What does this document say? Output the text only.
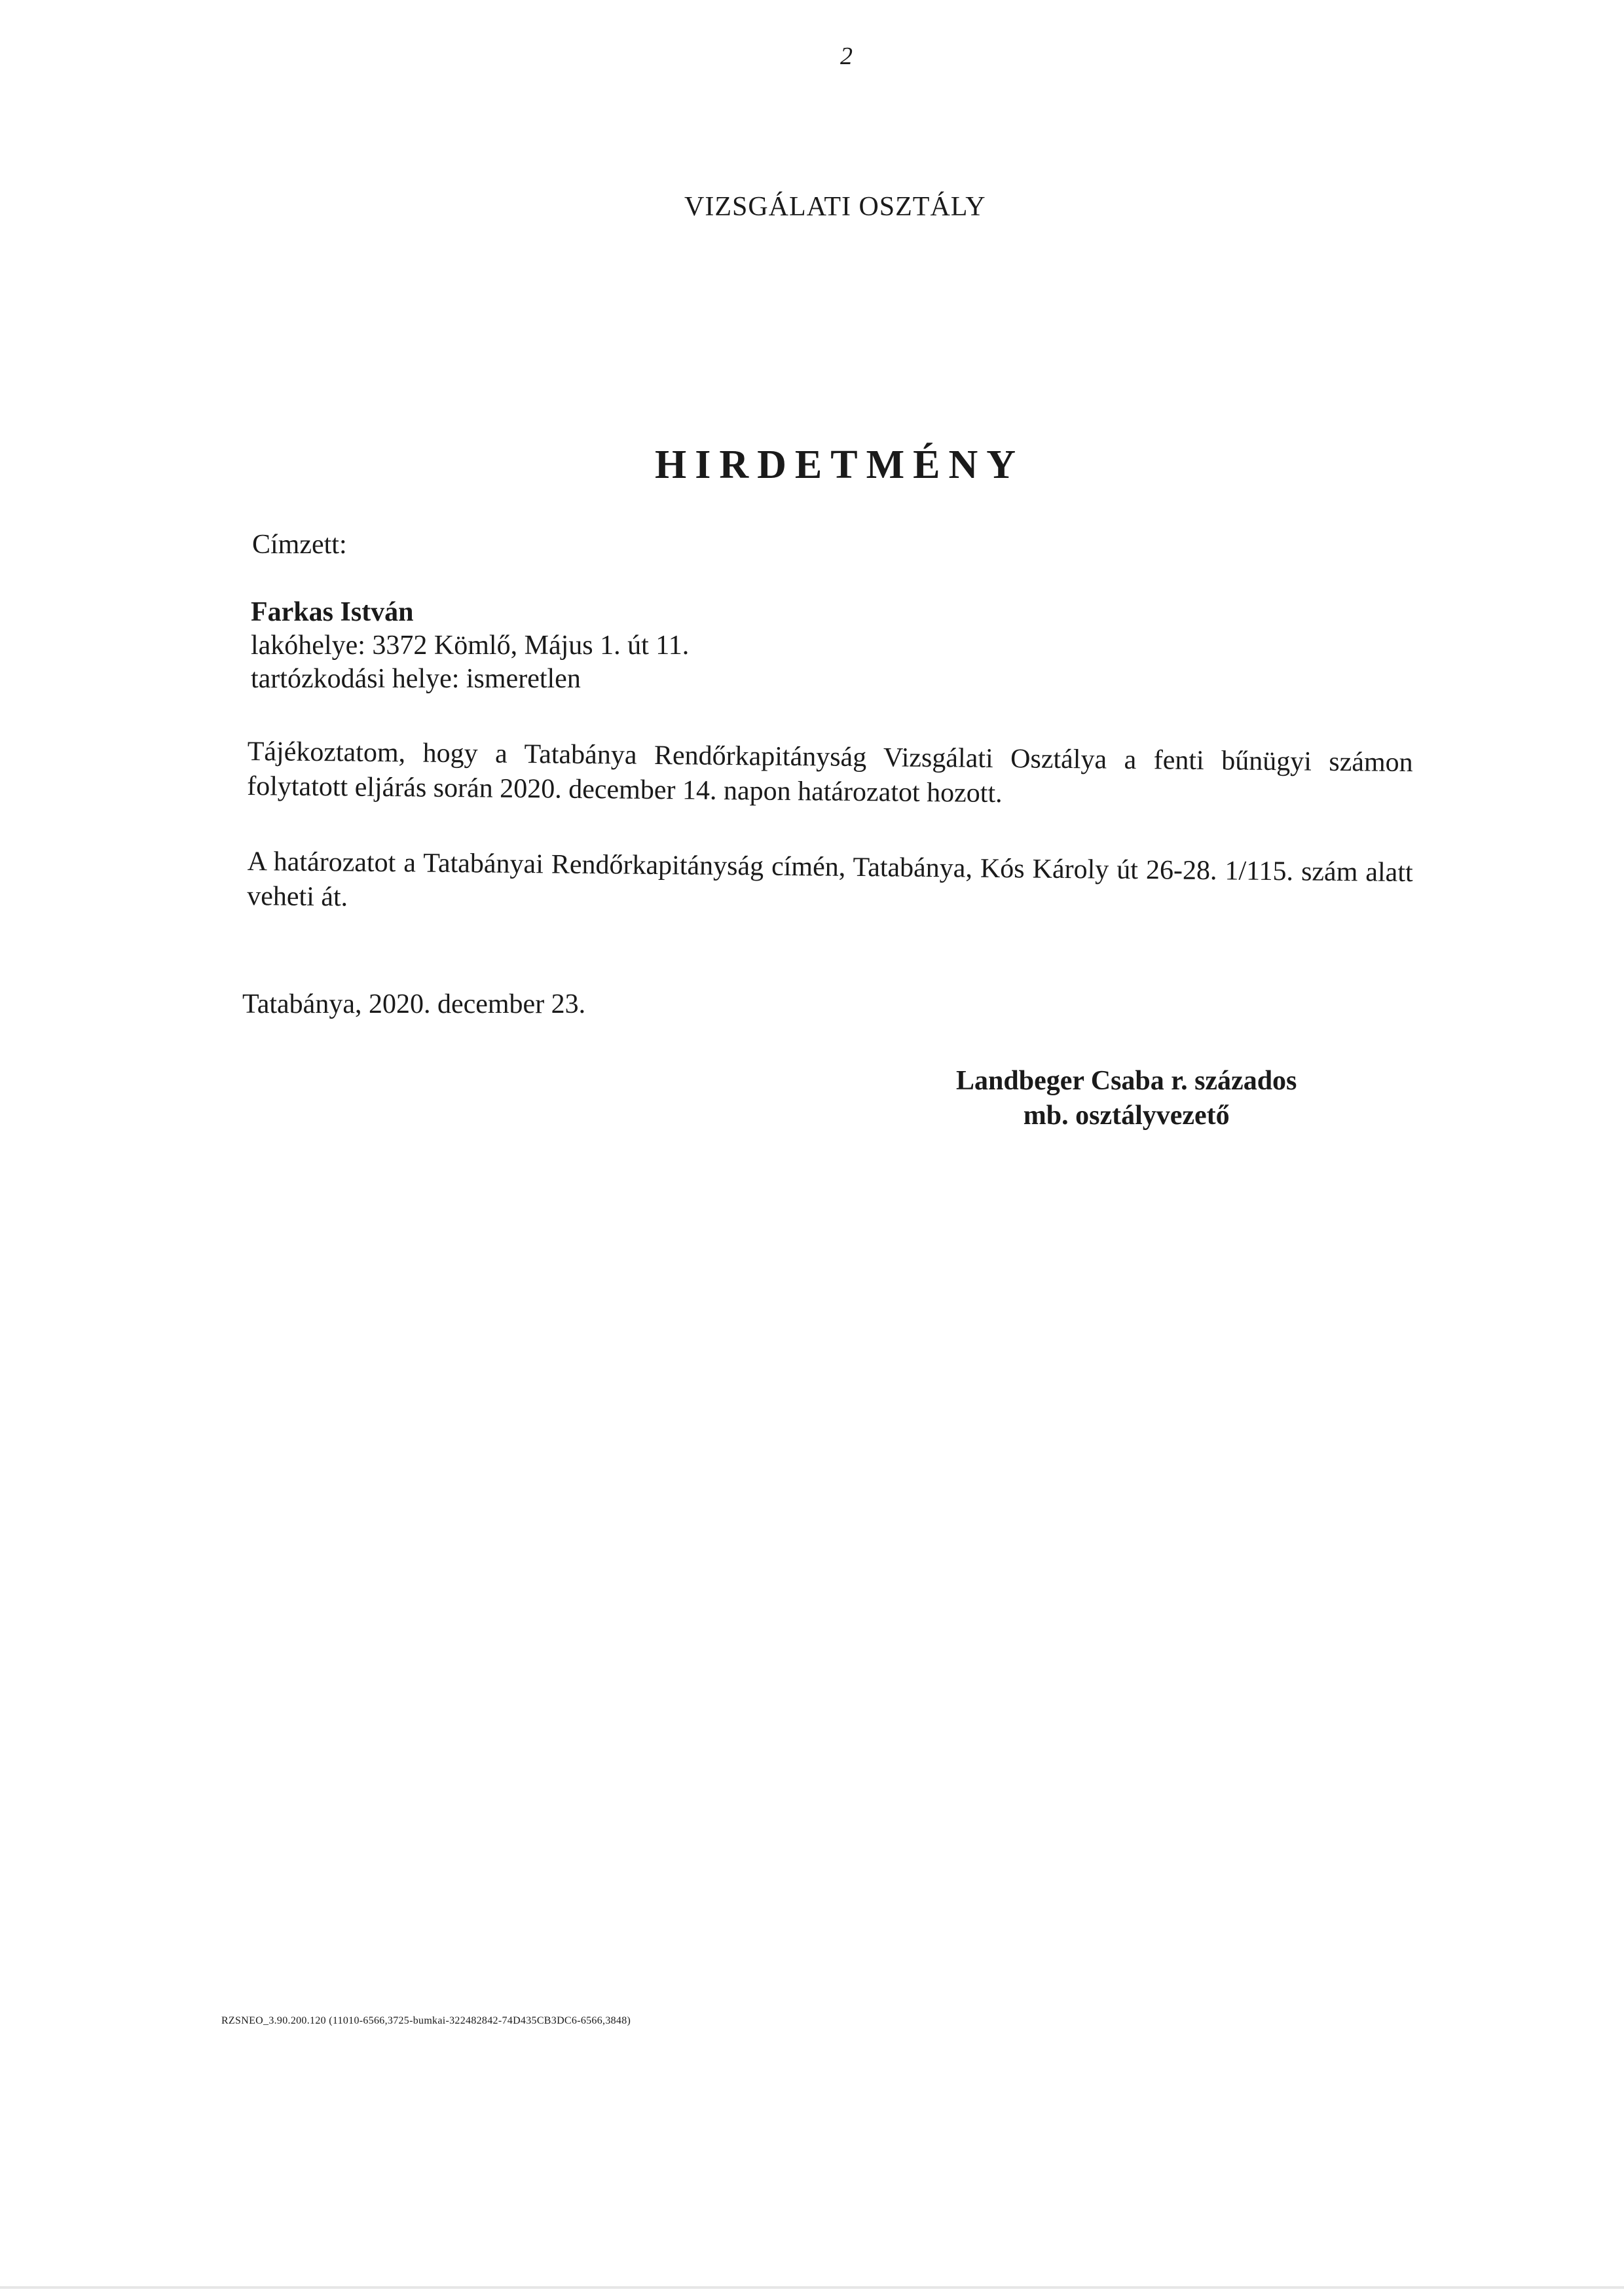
2
VIZSGÁLATI OSZTÁLY
HIRDETMÉNY
Címzett:
Farkas István
lakóhelye: 3372 Kömlő, Május 1. út 11.
tartózkodási helye: ismeretlen
Tájékoztatom, hogy a Tatabánya Rendőrkapitányság Vizsgálati Osztálya a fenti bűnügyi számon folytatott eljárás során 2020. december 14. napon határozatot hozott.
A határozatot a Tatabányai Rendőrkapitányság címén, Tatabánya, Kós Károly út 26-28. 1/115. szám alatt veheti át.
Tatabánya, 2020. december 23.
Landbeger Csaba r. százados
mb. osztályvezető
RZSNEO_3.90.200.120 (11010-6566,3725-bumkai-322482842-74D435CB3DC6-6566,3848)
